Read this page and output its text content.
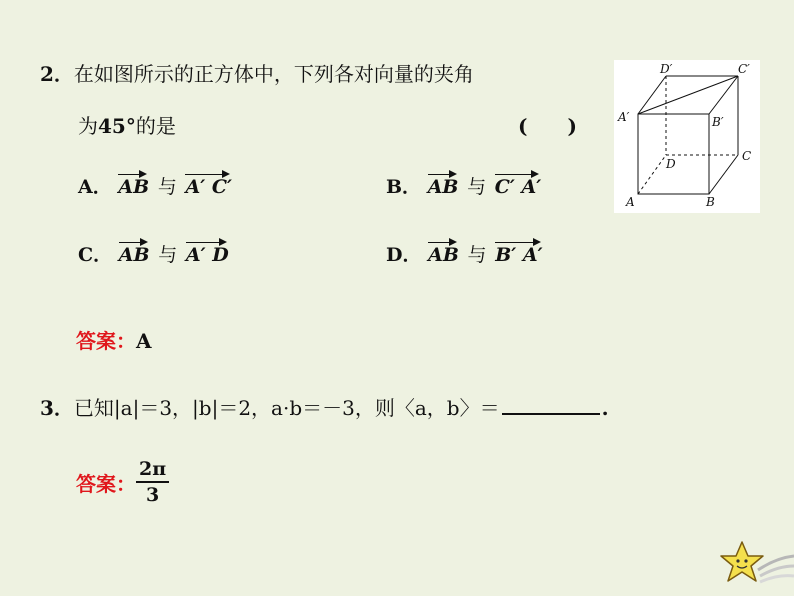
2．在如图所示的正方体中，下列各对向量的夹角
为45°的是	(　　)
A． AB 与 A′ C′	B． AB 与 C′ A′
C． AB 与 A′ D	D． AB 与 B′ A′
答案：A
3．已知|a|＝3，|b|＝2，a·b＝－3，则〈a，b〉＝	.
答案： $\frac{2\pi}{3}$
D′	C′
A′	B′
D
C
A	B
